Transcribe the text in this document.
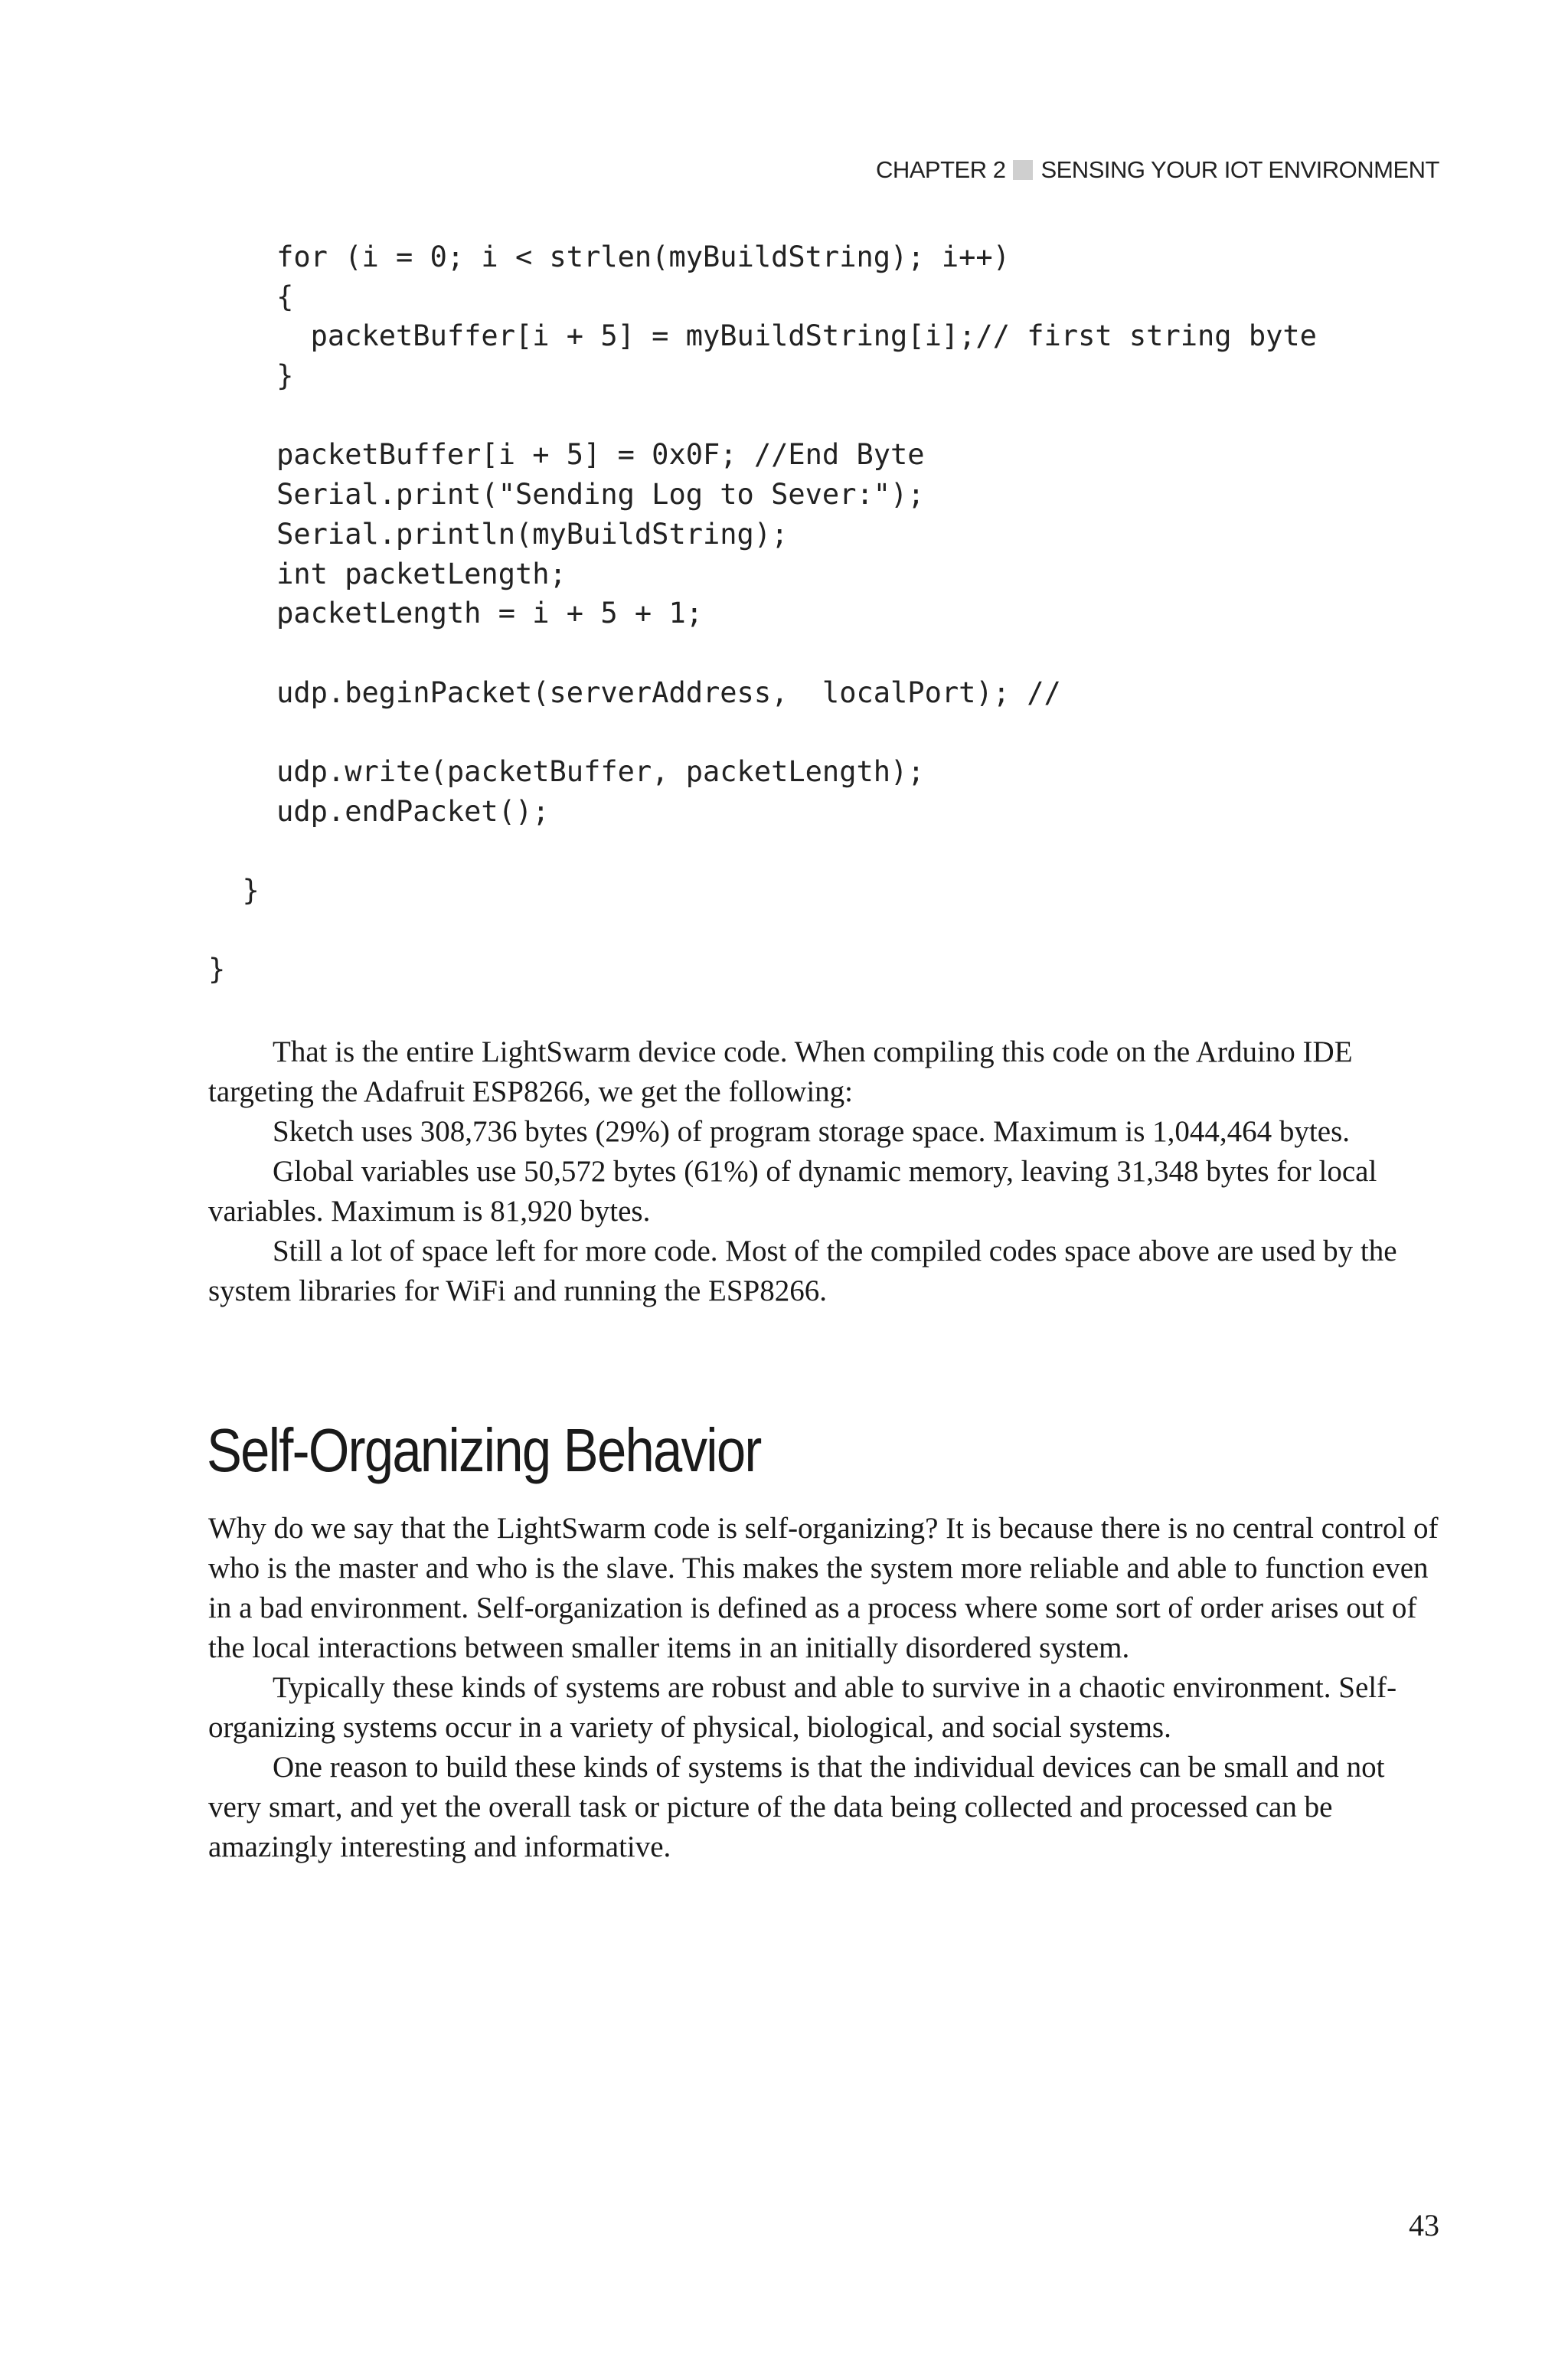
CHAPTER 2 SENSING YOUR IOT ENVIRONMENT
for (i = 0; i < strlen(myBuildString); i++)
{
packetBuffer[i + 5] = myBuildString[i];// first string byte
}
packetBuffer[i + 5] = 0x0F; //End Byte
Serial.print("Sending Log to Sever:");
Serial.println(myBuildString);
int packetLength;
packetLength = i + 5 + 1;
udp.beginPacket(serverAddress,  localPort); //
udp.write(packetBuffer, packetLength);
udp.endPacket();
}
}

That is the entire LightSwarm device code. When compiling this code on the Arduino IDE targeting the Adafruit ESP8266, we get the following:

Sketch uses 308,736 bytes (29%) of program storage space. Maximum is 1,044,464 bytes.

Global variables use 50,572 bytes (61%) of dynamic memory, leaving 31,348 bytes for local variables. Maximum is 81,920 bytes.

Still a lot of space left for more code. Most of the compiled codes space above are used by the system libraries for WiFi and running the ESP8266.

Self-Organizing Behavior

Why do we say that the LightSwarm code is self-organizing? It is because there is no central control of who is the master and who is the slave. This makes the system more reliable and able to function even in a bad environment. Self-organization is defined as a process where some sort of order arises out of the local interactions between smaller items in an initially disordered system.

Typically these kinds of systems are robust and able to survive in a chaotic environment. Self-organizing systems occur in a variety of physical, biological, and social systems.

One reason to build these kinds of systems is that the individual devices can be small and not very smart, and yet the overall task or picture of the data being collected and processed can be amazingly interesting and informative.

43
